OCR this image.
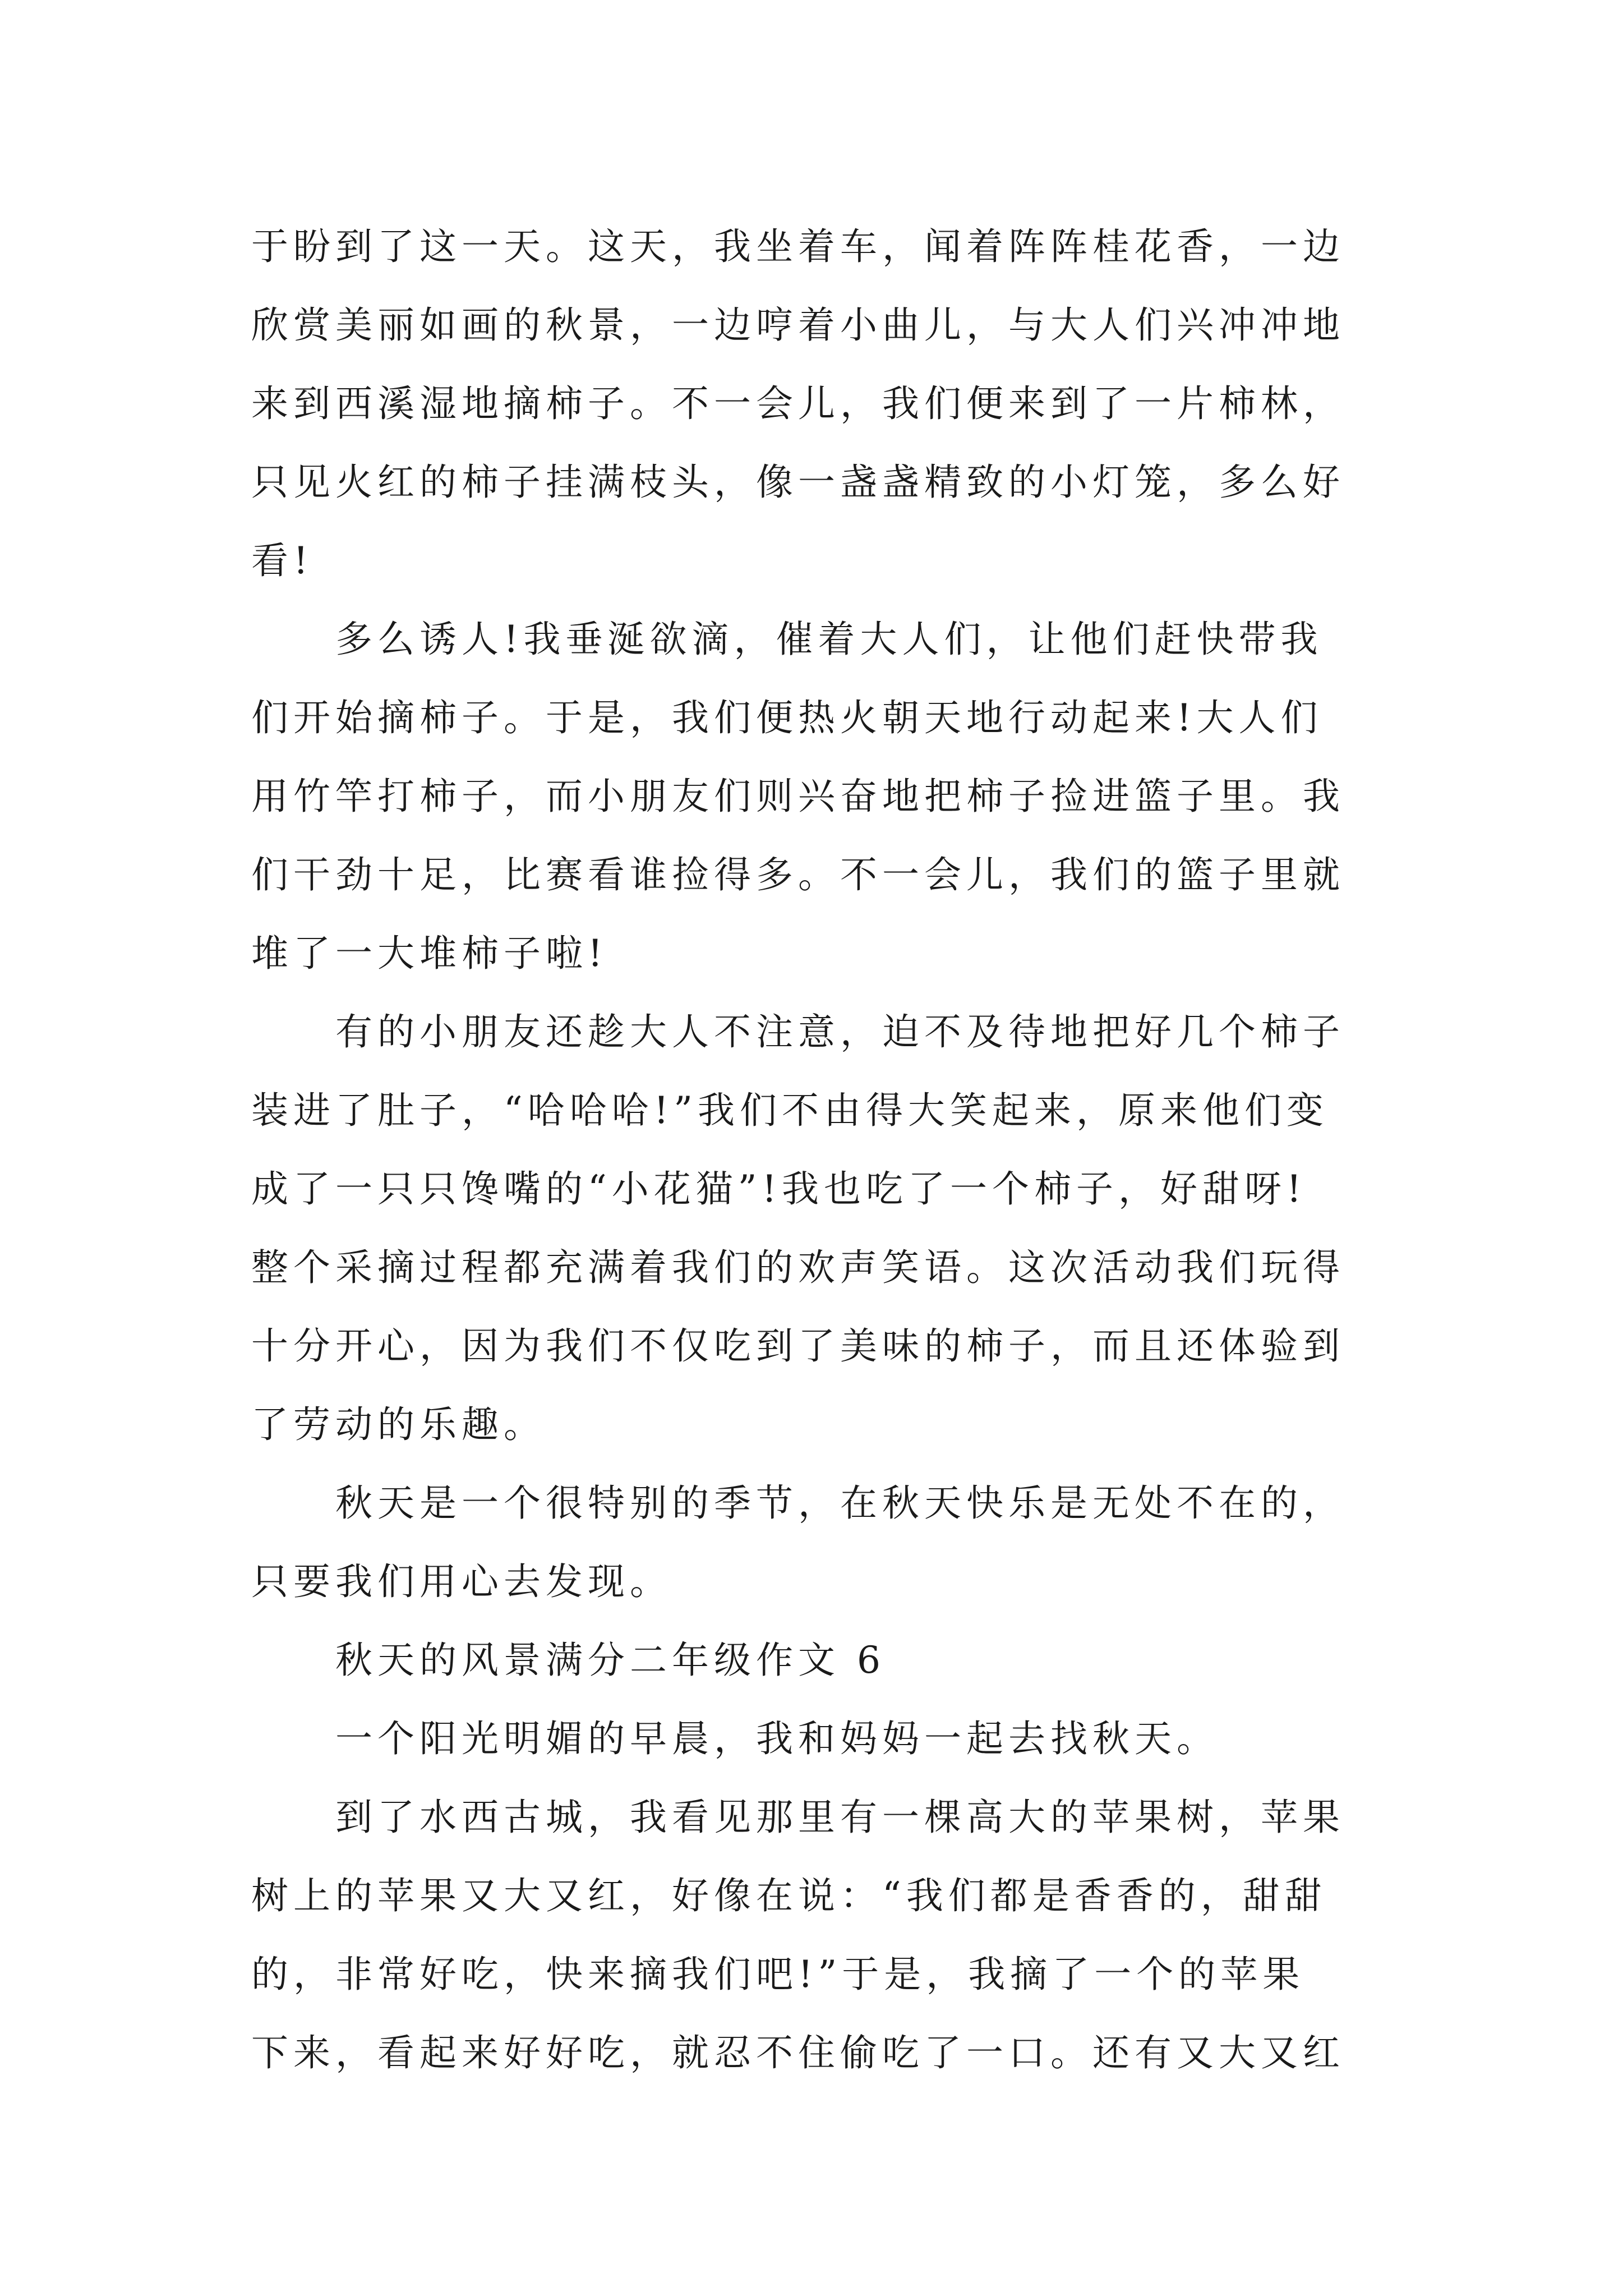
于盼到了这一天。这天，我坐着车，闻着阵阵桂花香，一边
欣赏美丽如画的秋景，一边哼着小曲儿，与大人们兴冲冲地
来到西溪湿地摘柿子。不一会儿，我们便来到了一片柿林，
只见火红的柿子挂满枝头，像一盏盏精致的小灯笼，多么好
看!
多么诱人!我垂涎欲滴，催着大人们，让他们赶快带我
们开始摘柿子。于是，我们便热火朝天地行动起来!大人们
用竹竿打柿子，而小朋友们则兴奋地把柿子捡进篮子里。我
们干劲十足，比赛看谁捡得多。不一会儿，我们的篮子里就
堆了一大堆柿子啦!
有的小朋友还趁大人不注意，迫不及待地把好几个柿子
装进了肚子，“哈哈哈!”我们不由得大笑起来，原来他们变
成了一只只馋嘴的“小花猫”!我也吃了一个柿子，好甜呀!
整个采摘过程都充满着我们的欢声笑语。这次活动我们玩得
十分开心，因为我们不仅吃到了美味的柿子，而且还体验到
了劳动的乐趣。
秋天是一个很特别的季节，在秋天快乐是无处不在的，
只要我们用心去发现。
秋天的风景满分二年级作文 6
一个阳光明媚的早晨，我和妈妈一起去找秋天。
到了水西古城，我看见那里有一棵高大的苹果树，苹果
树上的苹果又大又红，好像在说：“我们都是香香的，甜甜
的，非常好吃，快来摘我们吧!”于是，我摘了一个的苹果
下来，看起来好好吃，就忍不住偷吃了一口。还有又大又红
